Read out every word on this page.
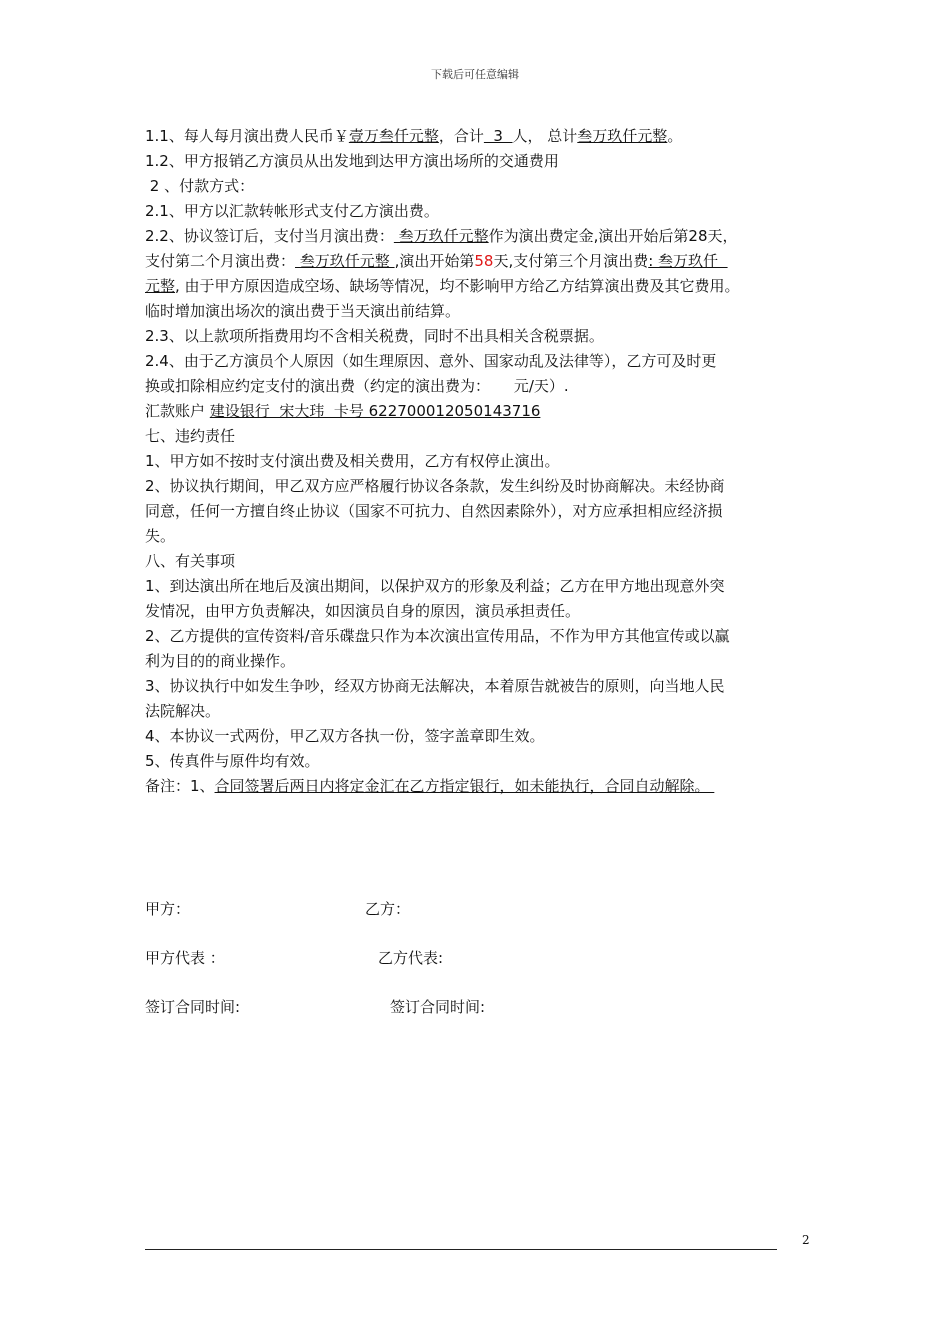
下载后可任意编辑

1.1、每人每月演出费人民币￥壹万叁仟元整，合计  3  人， 总计叁万玖仟元整。

1.2、甲方报销乙方演员从出发地到达甲方演出场所的交通费用

2 、付款方式：

2.1、甲方以汇款转帐形式支付乙方演出费。

2.2、协议签订后，支付当月演出费： 叁万玖仟元整作为演出费定金,演出开始后第28天，

支付第二个月演出费： 叁万玖仟元整 ,演出开始第58天,支付第三个月演出费: 叁万玖仟

元整, 由于甲方原因造成空场、缺场等情况，均不影响甲方给乙方结算演出费及其它费用。

临时增加演出场次的演出费于当天演出前结算。

2.3、以上款项所指费用均不含相关税费，同时不出具相关含税票据。

2.4、由于乙方演员个人原因（如生理原因、意外、国家动乱及法律等），乙方可及时更

换或扣除相应约定支付的演出费（约定的演出费为：     元/天）.

汇款账户 建设银行  宋大玮  卡号 6227000120501437​16

七、违约责任

1、甲方如不按时支付演出费及相关费用，乙方有权停止演出。

2、协议执行期间，甲乙双方应严格履行协议各条款，发生纠纷及时协商解决。未经协商

同意，任何一方擅自终止协议（国家不可抗力、自然因素除外），对方应承担相应经济损

失。

八、有关事项

1、到达演出所在地后及演出期间，以保护双方的形象及利益；乙方在甲方地出现意外突

发情况，由甲方负责解决，如因演员自身的原因，演员承担责任。

2、乙方提供的宣传资料/音乐碟盘只作为本次演出宣传用品，不作为甲方其他宣传或以赢

利为目的的商业操作。

3、协议执行中如发生争吵，经双方协商无法解决，本着原告就被告的原则，向当地人民

法院解决。

4、本协议一式两份，甲乙双方各执一份，签字盖章即生效。

5、传真件与原件均有效。

备注：1、合同签署后两日内将定金汇在乙方指定银行，如未能执行，合同自动解除。

甲方：	乙方：
甲方代表 ：	乙方代表:
签订合同时间:	签订合同时间:
2
